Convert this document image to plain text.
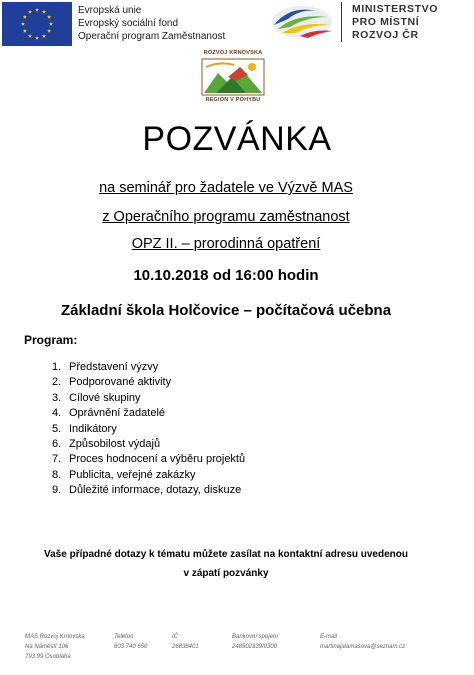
Evropská unie
Evropský sociální fond
Operační program Zaměstnanost
MINISTERSTVO
PRO MÍSTNÍ
ROZVOJ ČR
ROZVOJ KRNOVSKA
REGION V POHYBU
POZVÁNKA
na seminář pro žadatele ve Výzvě MAS
z Operačního programu zaměstnanost
OPZ II. – prorodinná opatření
10.10.2018 od 16:00 hodin
Základní škola Holčovice – počítačová učebna
Program:
1. Představení výzvy
2. Podporované aktivity
3. Cílové skupiny
4. Oprávnění žadatelé
5. Indikátory
6. Způsobilost výdajů
7. Proces hodnocení a výběru projektů
8. Publicita, veřejné zakázky
9. Důležité informace, dotazy, diskuze
Vaše případné dotazy k tématu můžete zasílat na kontaktní adresu uvedenou
v zápatí pozvánky
MAS Rozvoj Krnovska
Na Náměstí 106
793 99 Osoblaha
Telefon
603 740 650
IČ
26838401
Bankovní spojení
248502339/0300
E-mail
martinajalamasova@seznam.cz
